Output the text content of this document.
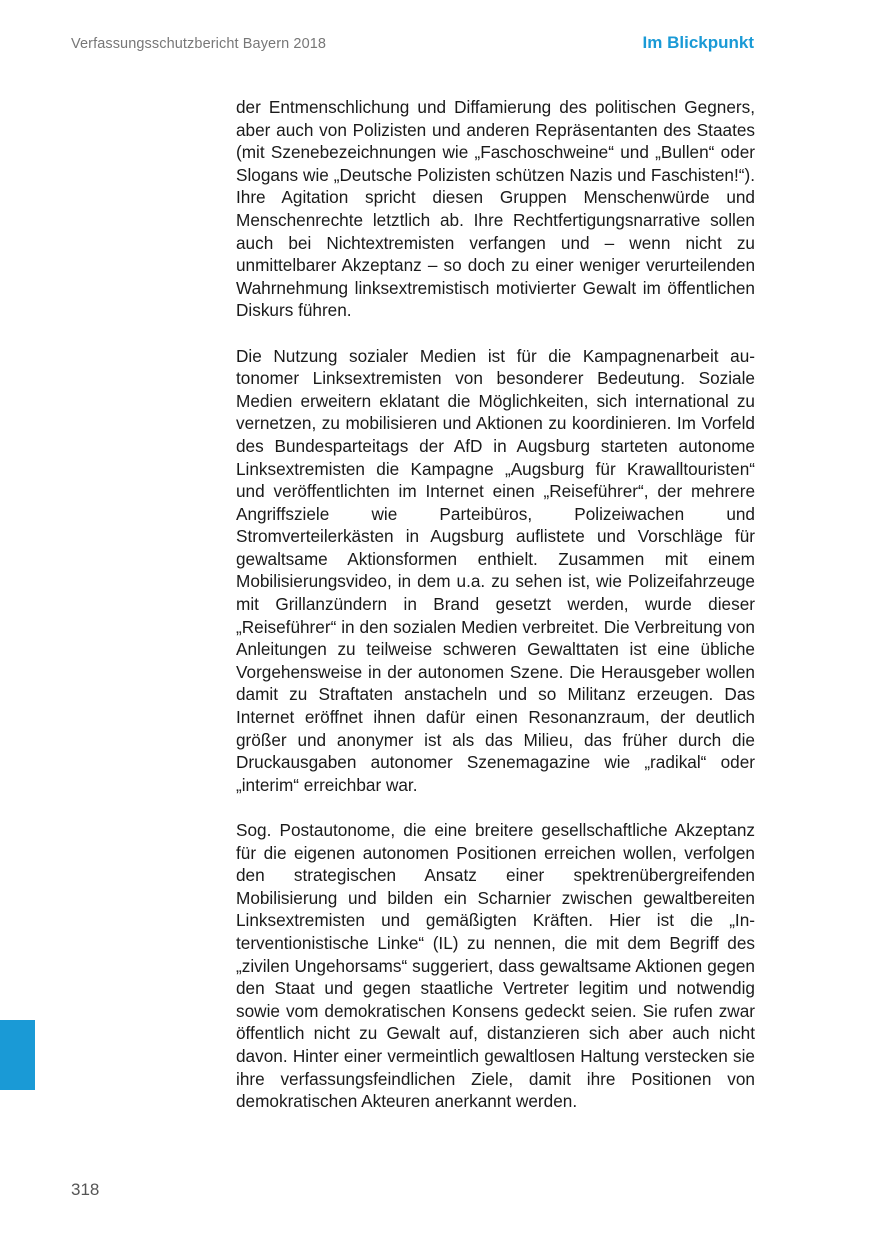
Verfassungsschutzbericht Bayern 2018	Im Blickpunkt

der Entmenschlichung und Diffamierung des politischen Gegners, aber auch von Polizisten und anderen Repräsentanten des Staates (mit Szenebezeichnungen wie „Faschoschweine“ und „Bullen“ oder Slogans wie „Deutsche Polizisten schützen Nazis und Faschisten!“). Ihre Agitation spricht diesen Gruppen Menschenwürde und Menschenrechte letztlich ab. Ihre Rechtfertigungsnarrative sollen auch bei Nichtextremisten verfangen und – wenn nicht zu unmittelbarer Akzeptanz – so doch zu einer weniger verurteilenden Wahrnehmung linksextremistisch motivierter Gewalt im öffentlichen Diskurs führen.

Die Nutzung sozialer Medien ist für die Kampagnenarbeit autonomer Linksextremisten von besonderer Bedeutung. Soziale Medien erweitern eklatant die Möglichkeiten, sich international zu vernetzen, zu mobilisieren und Aktionen zu koordinieren. Im Vorfeld des Bundesparteitags der AfD in Augsburg starteten autonome Linksextremisten die Kampagne „Augsburg für Krawalltouristen“ und veröffentlichten im Internet einen „Reiseführer“, der mehrere Angriffsziele wie Parteibüros, Polizeiwachen und Stromverteilerkästen in Augsburg auflistete und Vorschläge für gewaltsame Aktionsformen enthielt. Zusammen mit einem Mobilisierungsvideo, in dem u.a. zu sehen ist, wie Polizeifahrzeuge mit Grillanzündern in Brand gesetzt werden, wurde dieser „Reiseführer“ in den sozialen Medien verbreitet. Die Verbreitung von Anleitungen zu teilweise schweren Gewalttaten ist eine übliche Vorgehensweise in der autonomen Szene. Die Herausgeber wollen damit zu Straftaten anstacheln und so Militanz erzeugen. Das Internet eröffnet ihnen dafür einen Resonanzraum, der deutlich größer und anonymer ist als das Milieu, das früher durch die Druckausgaben autonomer Szenemagazine wie „radikal“ oder „interim“ erreichbar war.

Sog. Postautonome, die eine breitere gesellschaftliche Akzeptanz für die eigenen autonomen Positionen erreichen wollen, verfolgen den strategischen Ansatz einer spektrenübergreifenden Mobilisierung und bilden ein Scharnier zwischen gewaltbereiten Linksextremisten und gemäßigten Kräften. Hier ist die „Interventionistische Linke“ (IL) zu nennen, die mit dem Begriff des „zivilen Ungehorsams“ suggeriert, dass gewaltsame Aktionen gegen den Staat und gegen staatliche Vertreter legitim und notwendig sowie vom demokratischen Konsens gedeckt seien. Sie rufen zwar öffentlich nicht zu Gewalt auf, distanzieren sich aber auch nicht davon. Hinter einer vermeintlich gewaltlosen Haltung verstecken sie ihre verfassungsfeindlichen Ziele, damit ihre Positionen von demokratischen Akteuren anerkannt werden.

318
